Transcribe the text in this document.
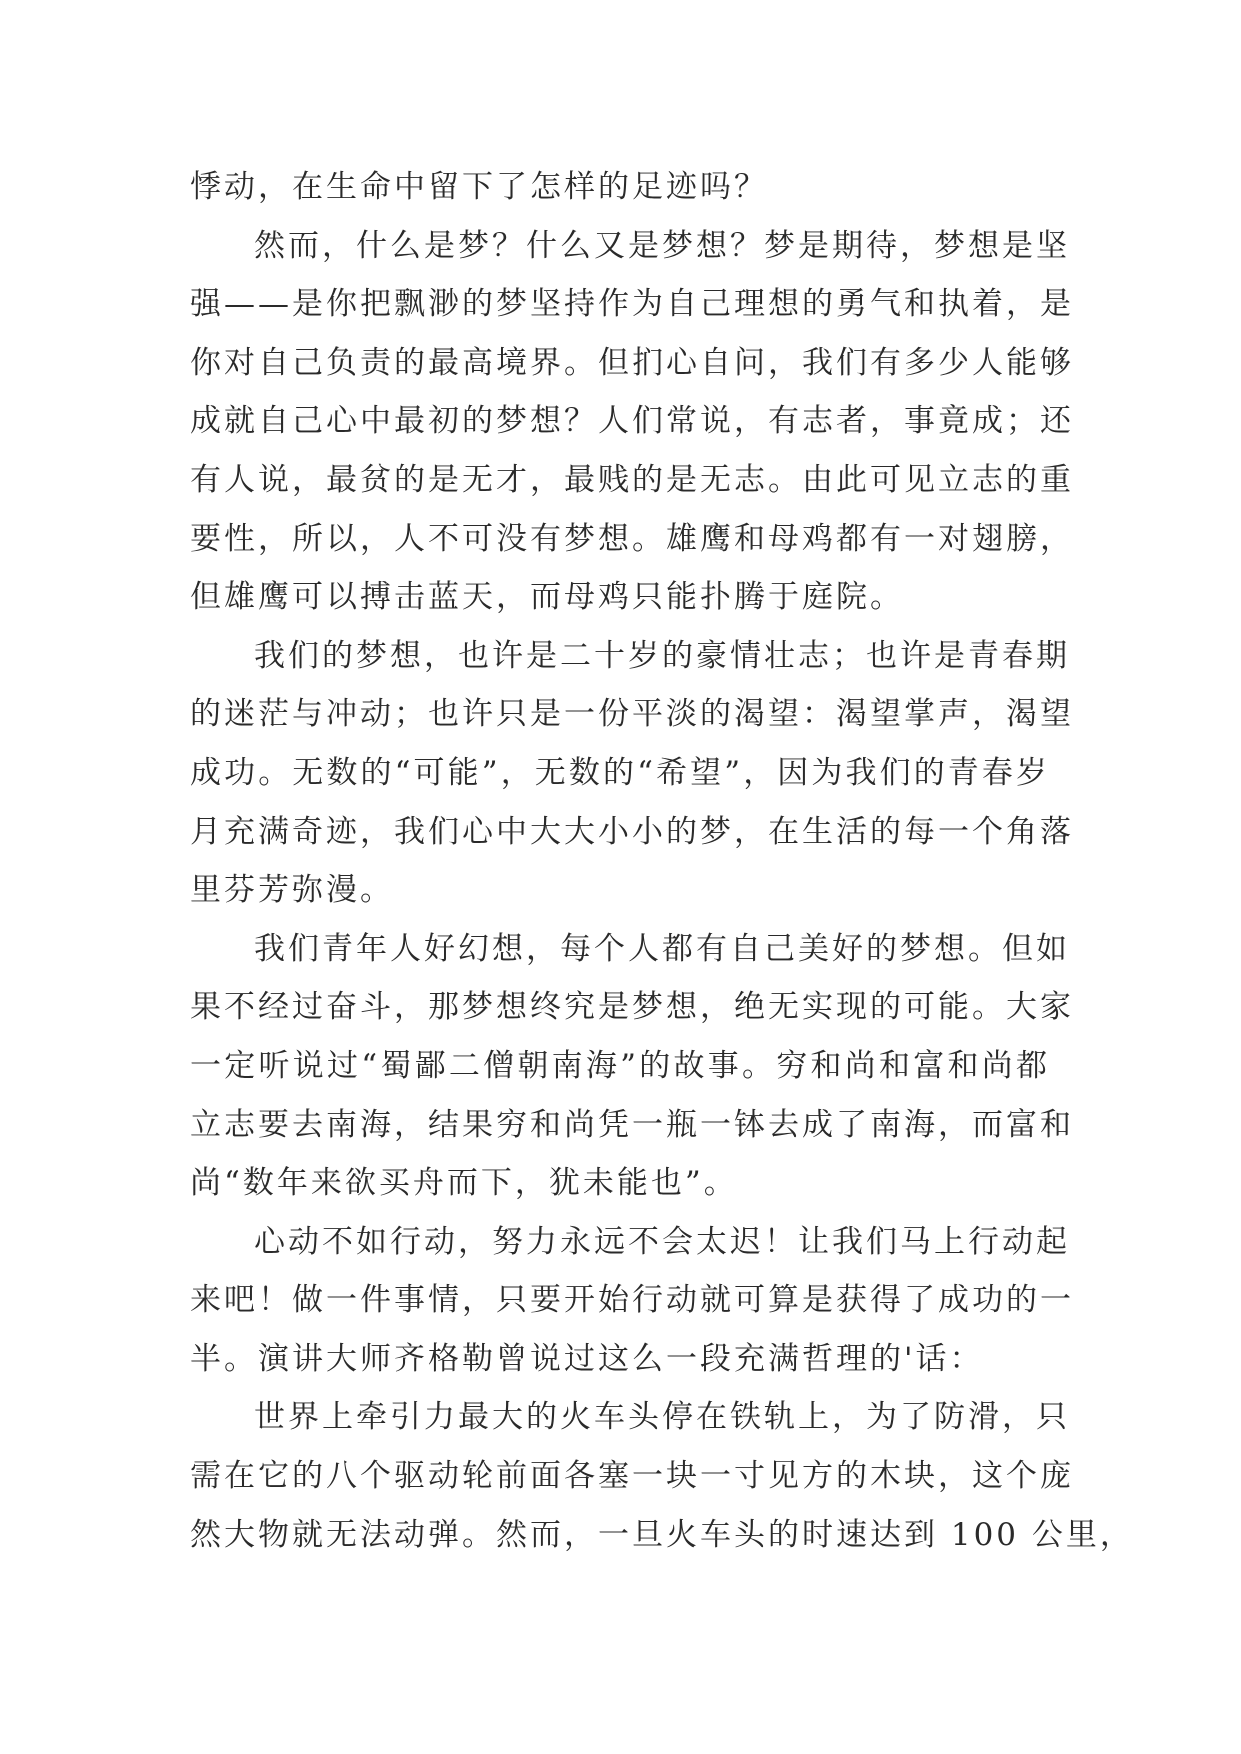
悸动，在生命中留下了怎样的足迹吗？
然而，什么是梦？什么又是梦想？梦是期待，梦想是坚
强——是你把飘渺的梦坚持作为自己理想的勇气和执着，是
你对自己负责的最高境界。但扪心自问，我们有多少人能够
成就自己心中最初的梦想？人们常说，有志者，事竟成；还
有人说，最贫的是无才，最贱的是无志。由此可见立志的重
要性，所以，人不可没有梦想。雄鹰和母鸡都有一对翅膀，
但雄鹰可以搏击蓝天，而母鸡只能扑腾于庭院。
我们的梦想，也许是二十岁的豪情壮志；也许是青春期
的迷茫与冲动；也许只是一份平淡的渴望：渴望掌声，渴望
成功。无数的“可能”，无数的“希望”，因为我们的青春岁
月充满奇迹，我们心中大大小小的梦，在生活的每一个角落
里芬芳弥漫。
我们青年人好幻想，每个人都有自己美好的梦想。但如
果不经过奋斗，那梦想终究是梦想，绝无实现的可能。大家
一定听说过“蜀鄙二僧朝南海”的故事。穷和尚和富和尚都
立志要去南海，结果穷和尚凭一瓶一钵去成了南海，而富和
尚“数年来欲买舟而下，犹未能也”。
心动不如行动，努力永远不会太迟！让我们马上行动起
来吧！做一件事情，只要开始行动就可算是获得了成功的一
半。演讲大师齐格勒曾说过这么一段充满哲理的'话：
世界上牵引力最大的火车头停在铁轨上，为了防滑，只
需在它的八个驱动轮前面各塞一块一寸见方的木块，这个庞
然大物就无法动弹。然而，一旦火车头的时速达到 100 公里，
